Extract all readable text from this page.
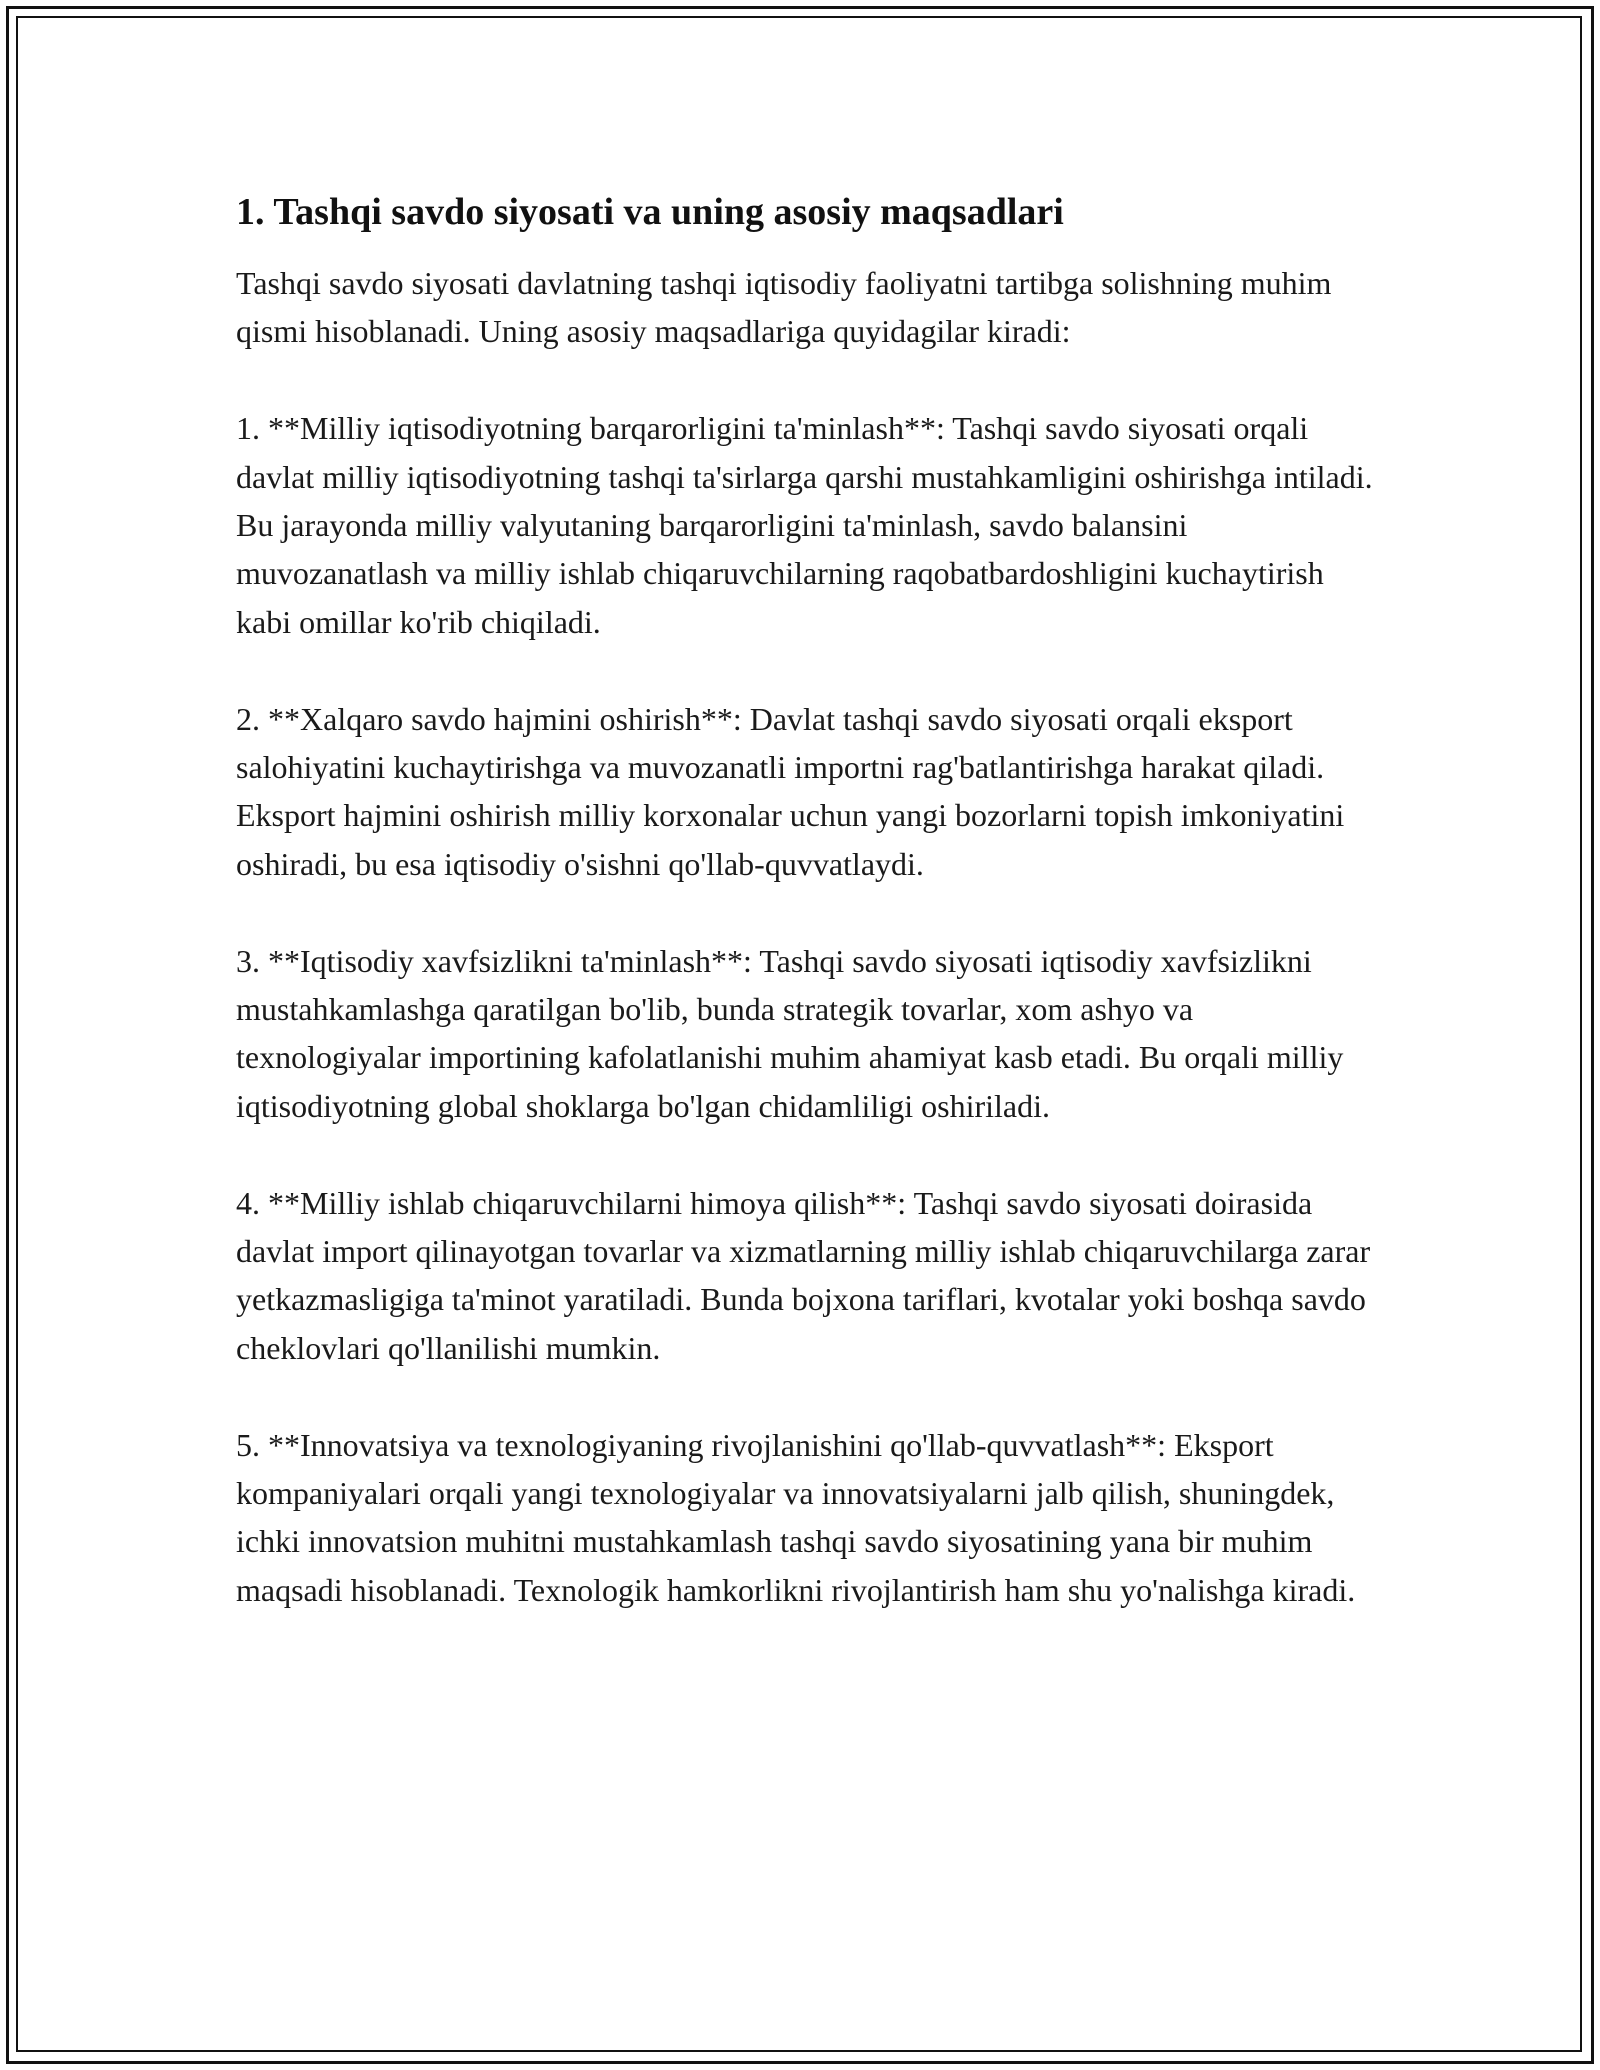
1. Tashqi savdo siyosati va uning asosiy maqsadlari

Tashqi savdo siyosati davlatning tashqi iqtisodiy faoliyatni tartibga solishning muhim qismi hisoblanadi. Uning asosiy maqsadlariga quyidagilar kiradi:

1. **Milliy iqtisodiyotning barqarorligini ta'minlash**: Tashqi savdo siyosati orqali davlat milliy iqtisodiyotning tashqi ta'sirlarga qarshi mustahkamligini oshirishga intiladi. Bu jarayonda milliy valyutaning barqarorligini ta'minlash, savdo balansini muvozanatlash va milliy ishlab chiqaruvchilarning raqobatbardoshligini kuchaytirish kabi omillar ko'rib chiqiladi.

2. **Xalqaro savdo hajmini oshirish**: Davlat tashqi savdo siyosati orqali eksport salohiyatini kuchaytirishga va muvozanatli importni rag'batlantirishga harakat qiladi. Eksport hajmini oshirish milliy korxonalar uchun yangi bozorlarni topish imkoniyatini oshiradi, bu esa iqtisodiy o'sishni qo'llab-quvvatlaydi.

3. **Iqtisodiy xavfsizlikni ta'minlash**: Tashqi savdo siyosati iqtisodiy xavfsizlikni mustahkamlashga qaratilgan bo'lib, bunda strategik tovarlar, xom ashyo va texnologiyalar importining kafolatlanishi muhim ahamiyat kasb etadi. Bu orqali milliy iqtisodiyotning global shoklarga bo'lgan chidamliligi oshiriladi.

4. **Milliy ishlab chiqaruvchilarni himoya qilish**: Tashqi savdo siyosati doirasida davlat import qilinayotgan tovarlar va xizmatlarning milliy ishlab chiqaruvchilarga zarar yetkazmasligiga ta'minot yaratiladi. Bunda bojxona tariflari, kvotalar yoki boshqa savdo cheklovlari qo'llanilishi mumkin.

5. **Innovatsiya va texnologiyaning rivojlanishini qo'llab-quvvatlash**: Eksport kompaniyalari orqali yangi texnologiyalar va innovatsiyalarni jalb qilish, shuningdek, ichki innovatsion muhitni mustahkamlash tashqi savdo siyosatining yana bir muhim maqsadi hisoblanadi. Texnologik hamkorlikni rivojlantirish ham shu yo'nalishga kiradi.
